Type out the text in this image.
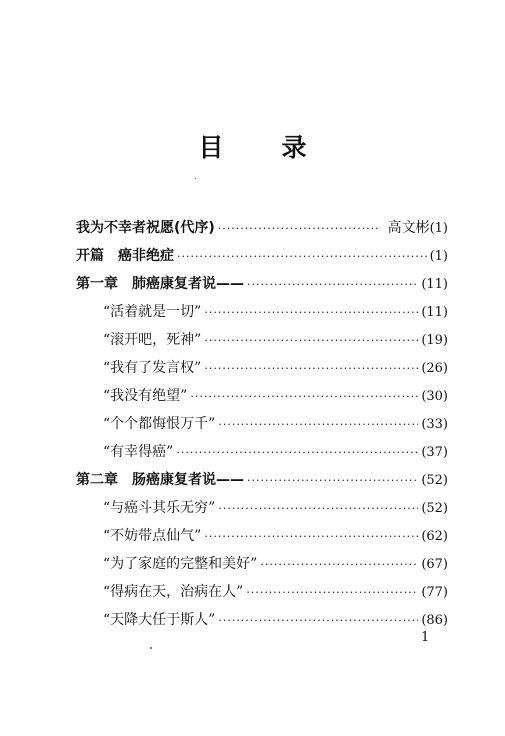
目 录
我为不幸者祝愿(代序) ·····	高文彬 (1)
开篇　癌非绝症 ·····	(1)
第一章　肺癌康复者说—— ·····	(11)
“活着就是一切” ·····	(11)
“滚开吧，死神” ·····	(19)
“我有了发言权” ·····	(26)
“我没有绝望” ·····	(30)
“个个都悔恨万千” ·····	(33)
“有幸得癌” ·····	(37)
第二章　肠癌康复者说—— ·····	(52)
“与癌斗其乐无穷” ·····	(52)
“不妨带点仙气” ·····	(62)
“为了家庭的完整和美好” ·····	(67)
“得病在天，治病在人” ·····	(77)
“天降大任于斯人” ·····	(86)
1
